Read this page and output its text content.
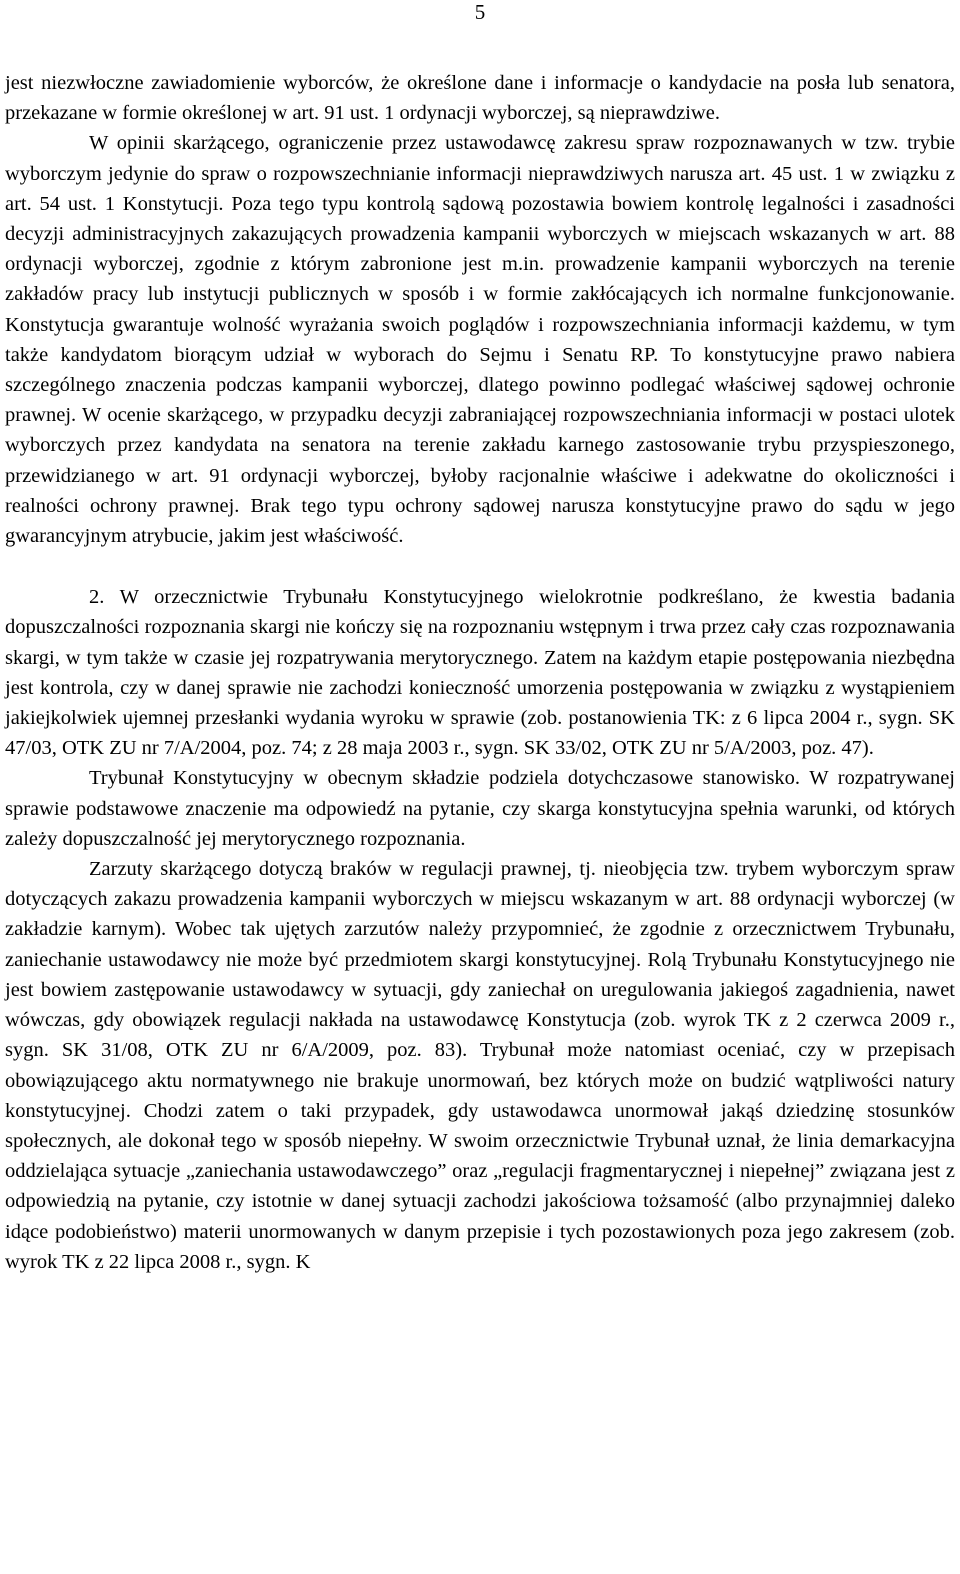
5

jest niezwłoczne zawiadomienie wyborców, że określone dane i informacje o kandydacie na posła lub senatora, przekazane w formie określonej w art. 91 ust. 1 ordynacji wyborczej, są nieprawdziwe.

W opinii skarżącego, ograniczenie przez ustawodawcę zakresu spraw rozpoznawanych w tzw. trybie wyborczym jedynie do spraw o rozpowszechnianie informacji nieprawdziwych narusza art. 45 ust. 1 w związku z art. 54 ust. 1 Konstytucji. Poza tego typu kontrolą sądową pozostawia bowiem kontrolę legalności i zasadności decyzji administracyjnych zakazujących prowadzenia kampanii wyborczych w miejscach wskazanych w art. 88 ordynacji wyborczej, zgodnie z którym zabronione jest m.in. prowadzenie kampanii wyborczych na terenie zakładów pracy lub instytucji publicznych w sposób i w formie zakłócających ich normalne funkcjonowanie. Konstytucja gwarantuje wolność wyrażania swoich poglądów i rozpowszechniania informacji każdemu, w tym także kandydatom biorącym udział w wyborach do Sejmu i Senatu RP. To konstytucyjne prawo nabiera szczególnego znaczenia podczas kampanii wyborczej, dlatego powinno podlegać właściwej sądowej ochronie prawnej. W ocenie skarżącego, w przypadku decyzji zabraniającej rozpowszechniania informacji w postaci ulotek wyborczych przez kandydata na senatora na terenie zakładu karnego zastosowanie trybu przyspieszonego, przewidzianego w art. 91 ordynacji wyborczej, byłoby racjonalnie właściwe i adekwatne do okoliczności i realności ochrony prawnej. Brak tego typu ochrony sądowej narusza konstytucyjne prawo do sądu w jego gwarancyjnym atrybucie, jakim jest właściwość.

2. W orzecznictwie Trybunału Konstytucyjnego wielokrotnie podkreślano, że kwestia badania dopuszczalności rozpoznania skargi nie kończy się na rozpoznaniu wstępnym i trwa przez cały czas rozpoznawania skargi, w tym także w czasie jej rozpatrywania merytorycznego. Zatem na każdym etapie postępowania niezbędna jest kontrola, czy w danej sprawie nie zachodzi konieczność umorzenia postępowania w związku z wystąpieniem jakiejkolwiek ujemnej przesłanki wydania wyroku w sprawie (zob. postanowienia TK: z 6 lipca 2004 r., sygn. SK 47/03, OTK ZU nr 7/A/2004, poz. 74; z 28 maja 2003 r., sygn. SK 33/02, OTK ZU nr 5/A/2003, poz. 47).

Trybunał Konstytucyjny w obecnym składzie podziela dotychczasowe stanowisko. W rozpatrywanej sprawie podstawowe znaczenie ma odpowiedź na pytanie, czy skarga konstytucyjna spełnia warunki, od których zależy dopuszczalność jej merytorycznego rozpoznania.

Zarzuty skarżącego dotyczą braków w regulacji prawnej, tj. nieobjęcia tzw. trybem wyborczym spraw dotyczących zakazu prowadzenia kampanii wyborczych w miejscu wskazanym w art. 88 ordynacji wyborczej (w zakładzie karnym). Wobec tak ujętych zarzutów należy przypomnieć, że zgodnie z orzecznictwem Trybunału, zaniechanie ustawodawcy nie może być przedmiotem skargi konstytucyjnej. Rolą Trybunału Konstytucyjnego nie jest bowiem zastępowanie ustawodawcy w sytuacji, gdy zaniechał on uregulowania jakiegoś zagadnienia, nawet wówczas, gdy obowiązek regulacji nakłada na ustawodawcę Konstytucja (zob. wyrok TK z 2 czerwca 2009 r., sygn. SK 31/08, OTK ZU nr 6/A/2009, poz. 83). Trybunał może natomiast oceniać, czy w przepisach obowiązującego aktu normatywnego nie brakuje unormowań, bez których może on budzić wątpliwości natury konstytucyjnej. Chodzi zatem o taki przypadek, gdy ustawodawca unormował jakąś dziedzinę stosunków społecznych, ale dokonał tego w sposób niepełny. W swoim orzecznictwie Trybunał uznał, że linia demarkacyjna oddzielająca sytuacje „zaniechania ustawodawczego” oraz „regulacji fragmentarycznej i niepełnej” związana jest z odpowiedzią na pytanie, czy istotnie w danej sytuacji zachodzi jakościowa tożsamość (albo przynajmniej daleko idące podobieństwo) materii unormowanych w danym przepisie i tych pozostawionych poza jego zakresem (zob. wyrok TK z 22 lipca 2008 r., sygn. K
